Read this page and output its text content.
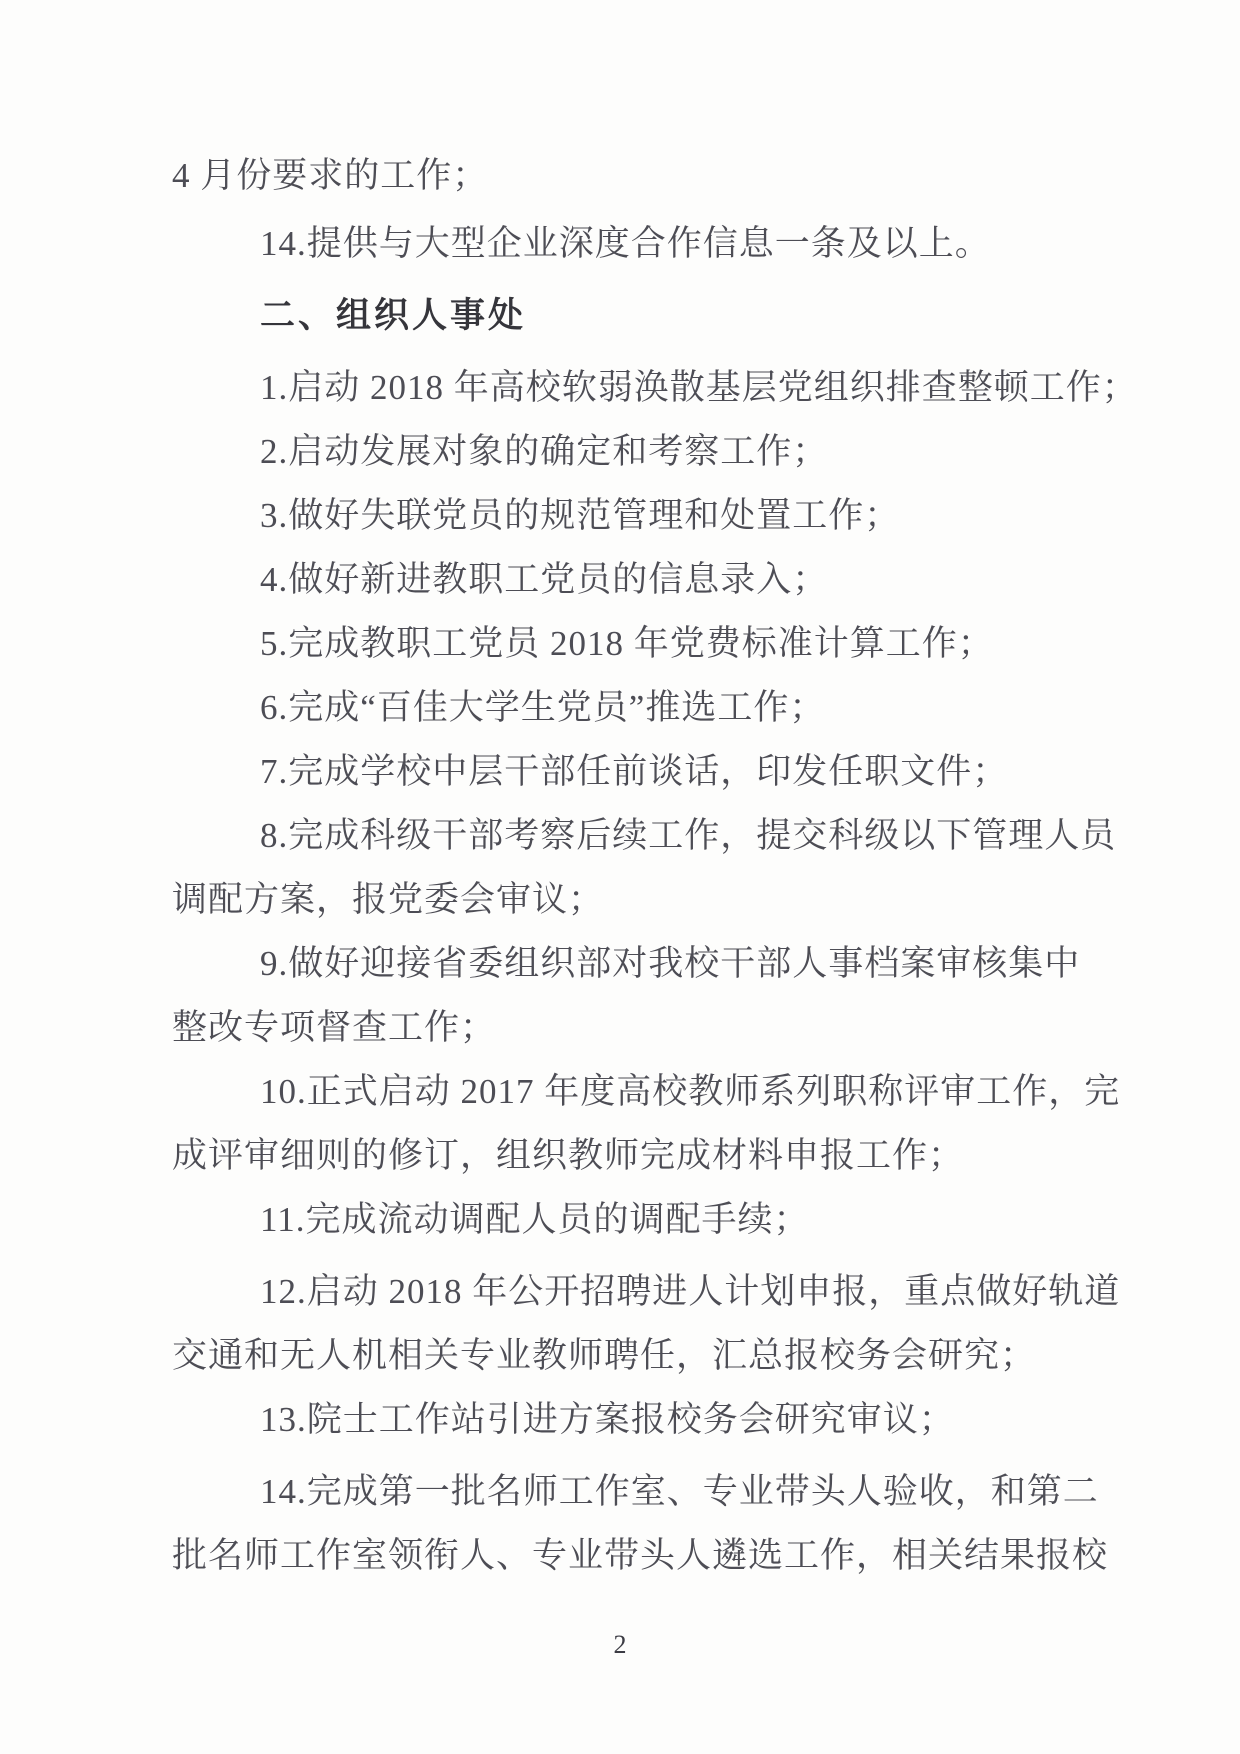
4 月份要求的工作；
14.提供与大型企业深度合作信息一条及以上。
二、组织人事处
1.启动 2018 年高校软弱涣散基层党组织排查整顿工作；
2.启动发展对象的确定和考察工作；
3.做好失联党员的规范管理和处置工作；
4.做好新进教职工党员的信息录入；
5.完成教职工党员 2018 年党费标准计算工作；
6.完成“百佳大学生党员”推选工作；
7.完成学校中层干部任前谈话，印发任职文件；
8.完成科级干部考察后续工作，提交科级以下管理人员
调配方案，报党委会审议；
9.做好迎接省委组织部对我校干部人事档案审核集中
整改专项督查工作；
10.正式启动 2017 年度高校教师系列职称评审工作，完
成评审细则的修订，组织教师完成材料申报工作；
11.完成流动调配人员的调配手续；
12.启动 2018 年公开招聘进人计划申报，重点做好轨道
交通和无人机相关专业教师聘任，汇总报校务会研究；
13.院士工作站引进方案报校务会研究审议；
14.完成第一批名师工作室、专业带头人验收，和第二
批名师工作室领衔人、专业带头人遴选工作，相关结果报校
2
